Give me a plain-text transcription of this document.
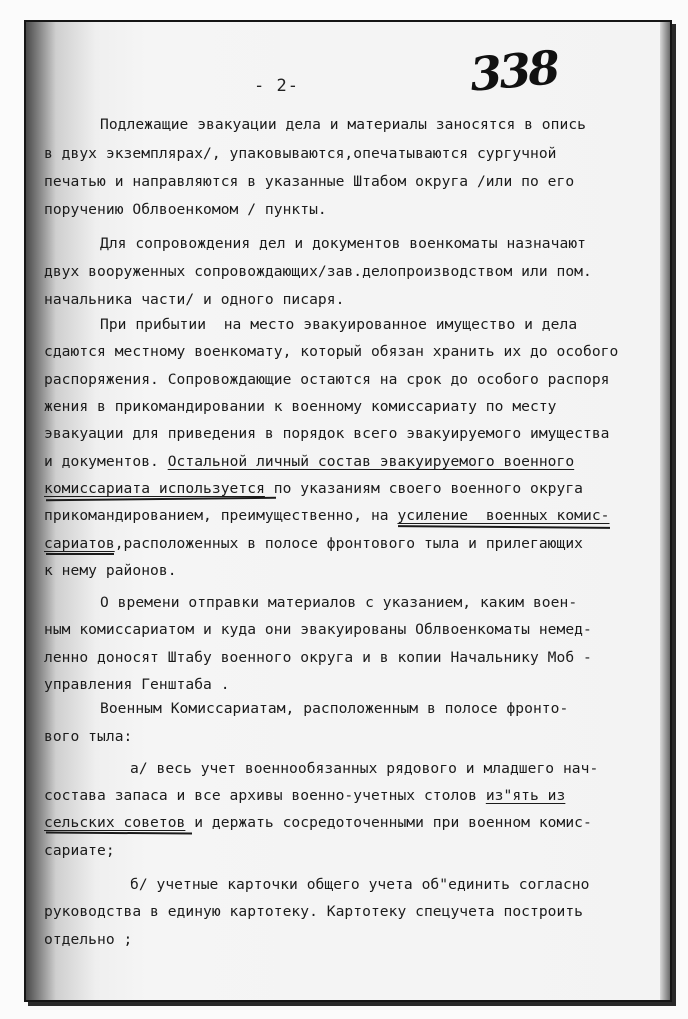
- 2-	338
Подлежащие эвакуации дела и материалы заносятся в опись
в двух экземплярах/, упаковываются,опечатываются сургучной
печатью и направляются в указанные Штабом округа /или по его
поручению Облвоенкомом / пункты.
Для сопровождения дел и документов военкоматы назначают
двух вооруженных сопровождающих/зав.делопроизводством или пом.
начальника части/ и одного писаря.
При прибытии  на место эвакуированное имущество и дела
сдаются местному военкомату, который обязан хранить их до особого
распоряжения. Сопровождающие остаются на срок до особого распоря
жения в прикомандировании к военному комиссариату по месту
эвакуации для приведения в порядок всего эвакуируемого имущества
и документов. Остальной личный состав эвакуируемого военного
комиссариата используется по указаниям своего военного округа
прикомандированием, преимущественно, на усиление  военных комис-
сариатов,расположенных в полосе фронтового тыла и прилегающих
к нему районов.
О времени отправки материалов с указанием, каким воен-
ным комиссариатом и куда они эвакуированы Облвоенкоматы немед-
ленно доносят Штабу военного округа и в копии Начальнику Моб -
управления Генштаба .
Военным Комиссариатам, расположенным в полосе фронто-
вого тыла:
а/ весь учет военнообязанных рядового и младшего нач-
состава запаса и все архивы военно-учетных столов из"ять из
сельских советов и держать сосредоточенными при военном комис-
сариате;
б/ учетные карточки общего учета об"единить согласно
руководства в единую картотеку. Картотеку спецучета построить
отдельно ;
